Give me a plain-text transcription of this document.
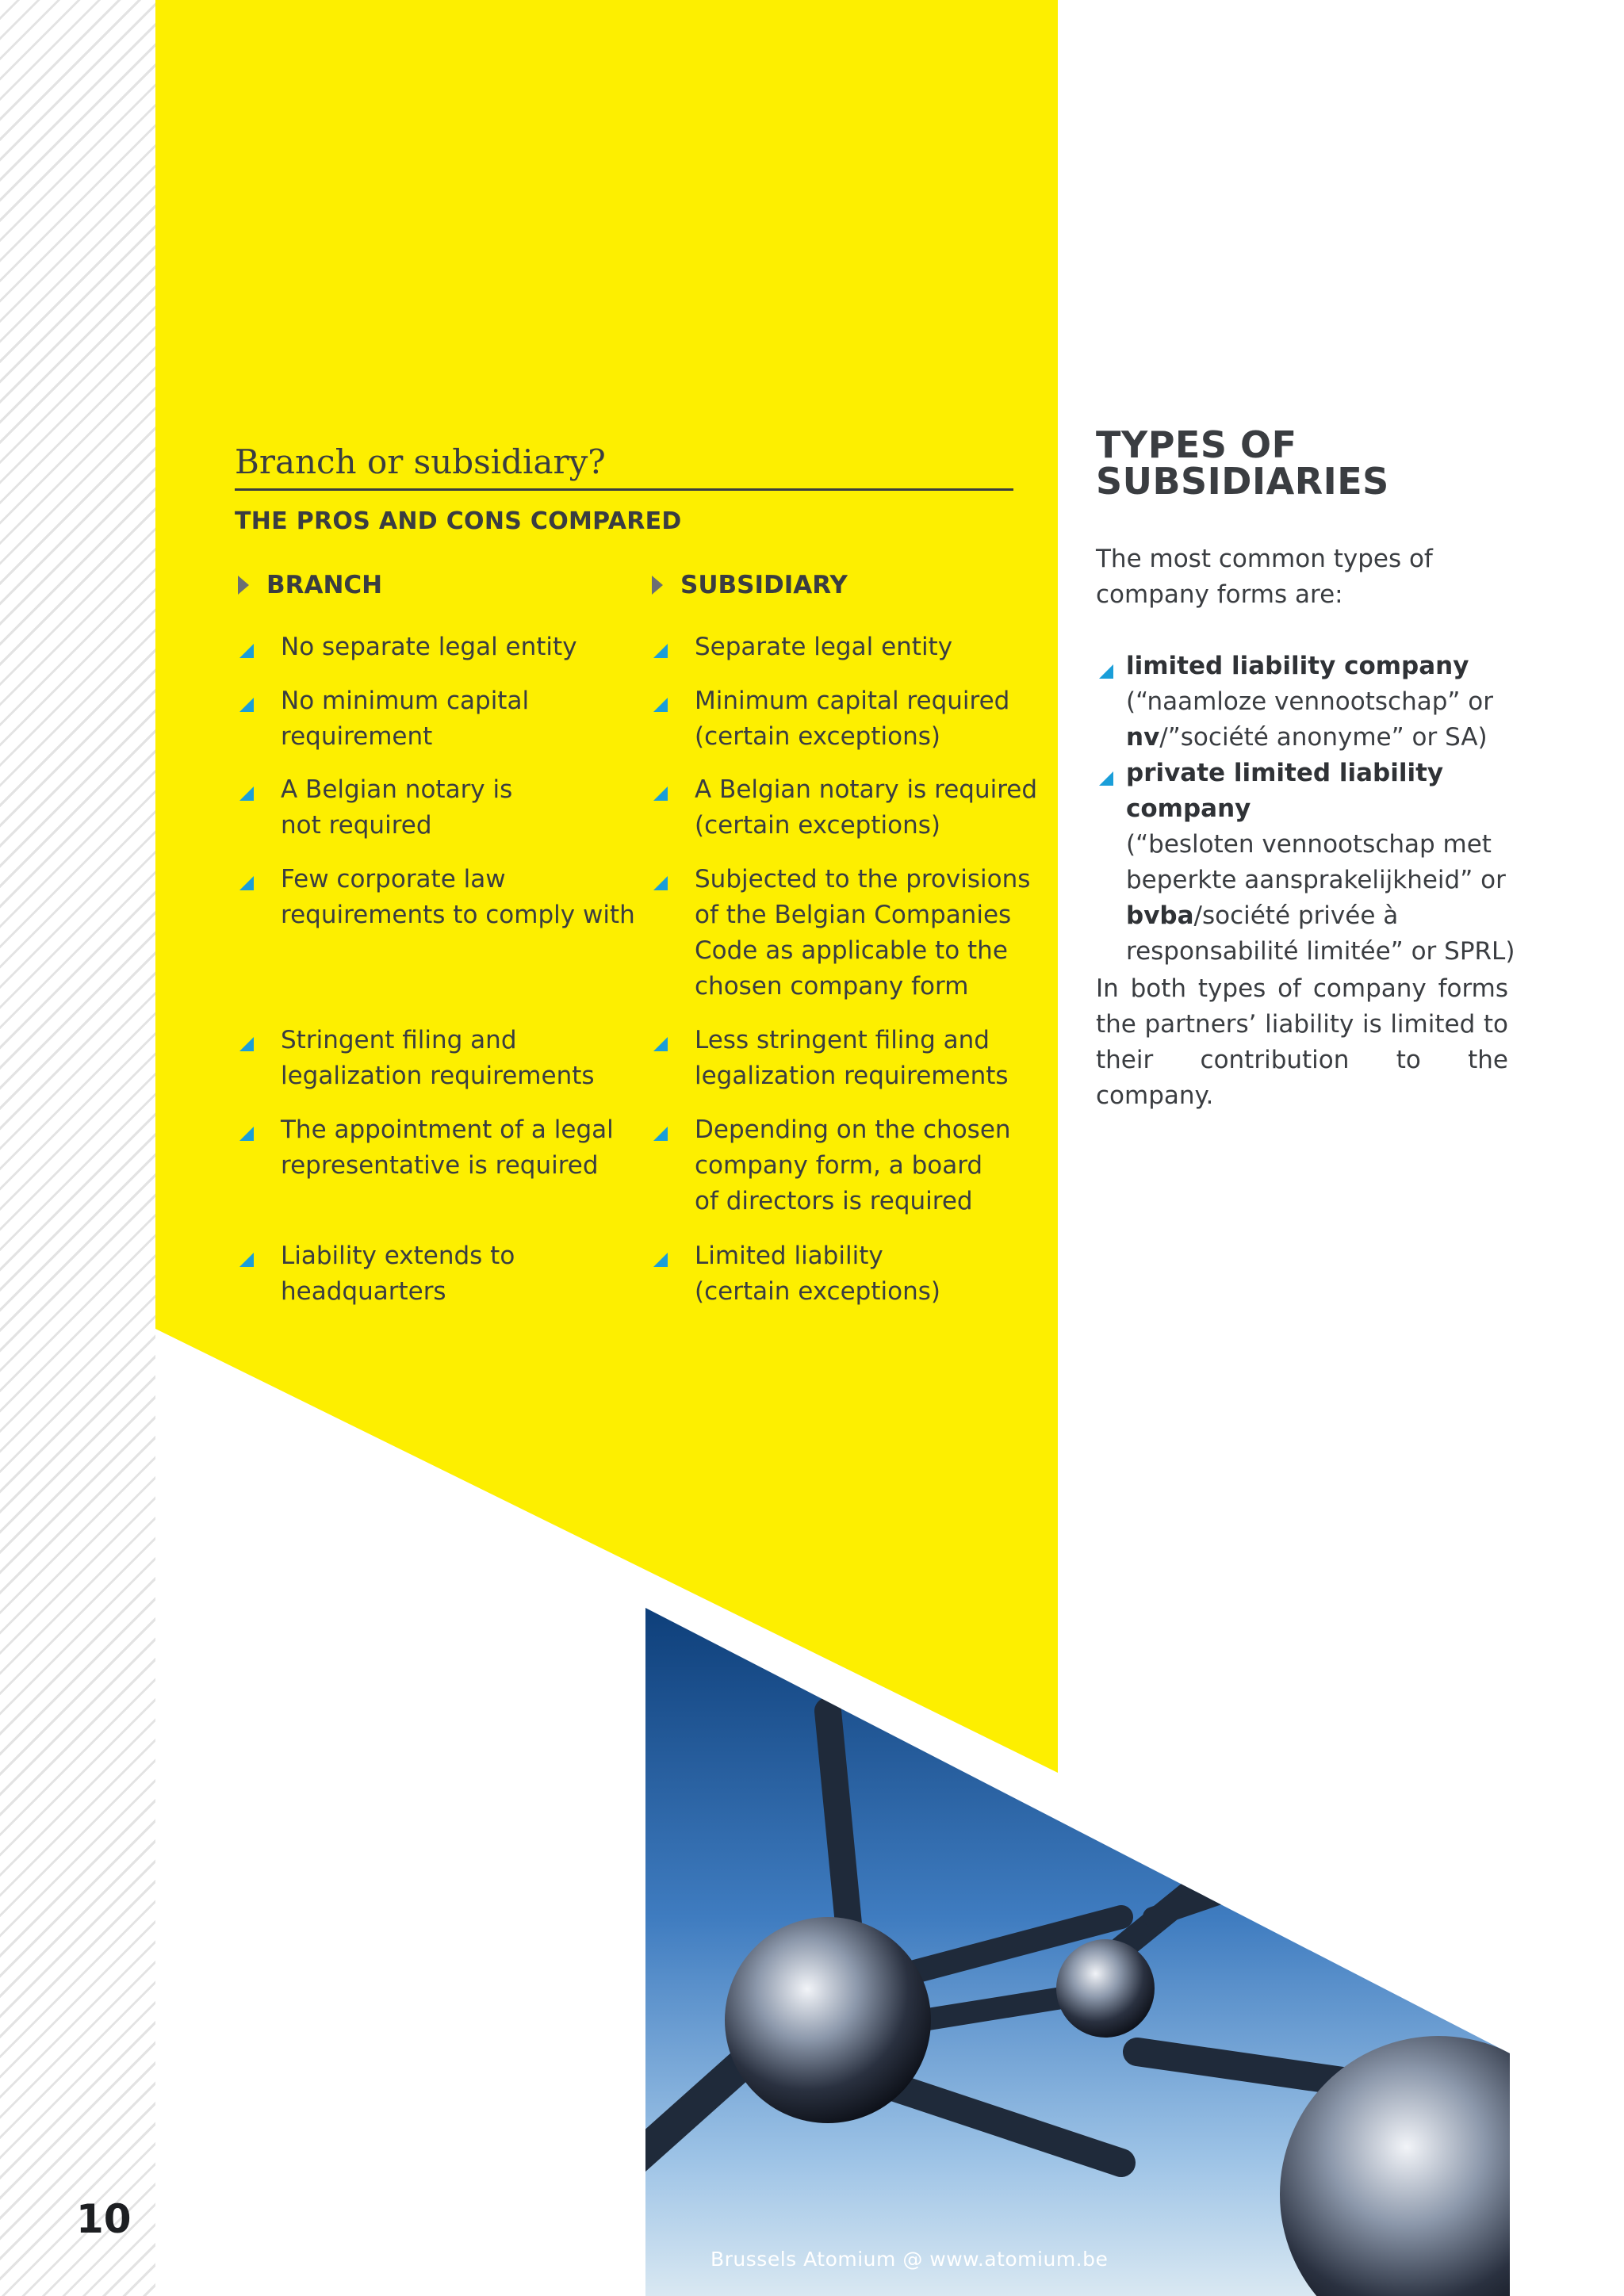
Branch or subsidiary?
THE PROS AND CONS COMPARED
BRANCH	SUBSIDIARY
No separate legal entity
No minimum capital requirement
A Belgian notary is not required
Few corporate law requirements to comply with
Stringent filing and legalization requirements
The appointment of a legal representative is required
Liability extends to headquarters
Separate legal entity
Minimum capital required (certain exceptions)
A Belgian notary is required (certain exceptions)
Subjected to the provisions of the Belgian Companies Code as applicable to the chosen company form
Less stringent filing and legalization requirements
Depending on the chosen company form, a board of directors is required
Limited liability (certain exceptions)
TYPES OF
SUBSIDIARIES
The most common types of company forms are:
limited liability company
(“naamloze vennootschap” or
nv/”société anonyme” or SA)
private limited liability company
(“besloten vennootschap met beperkte aansprakelijkheid” or
bvba/société privée à responsabilité limitée” or SPRL)
In both types of company forms the partners’ liability is limited to their contribution to the company.
10
Brussels Atomium @ www.atomium.be
